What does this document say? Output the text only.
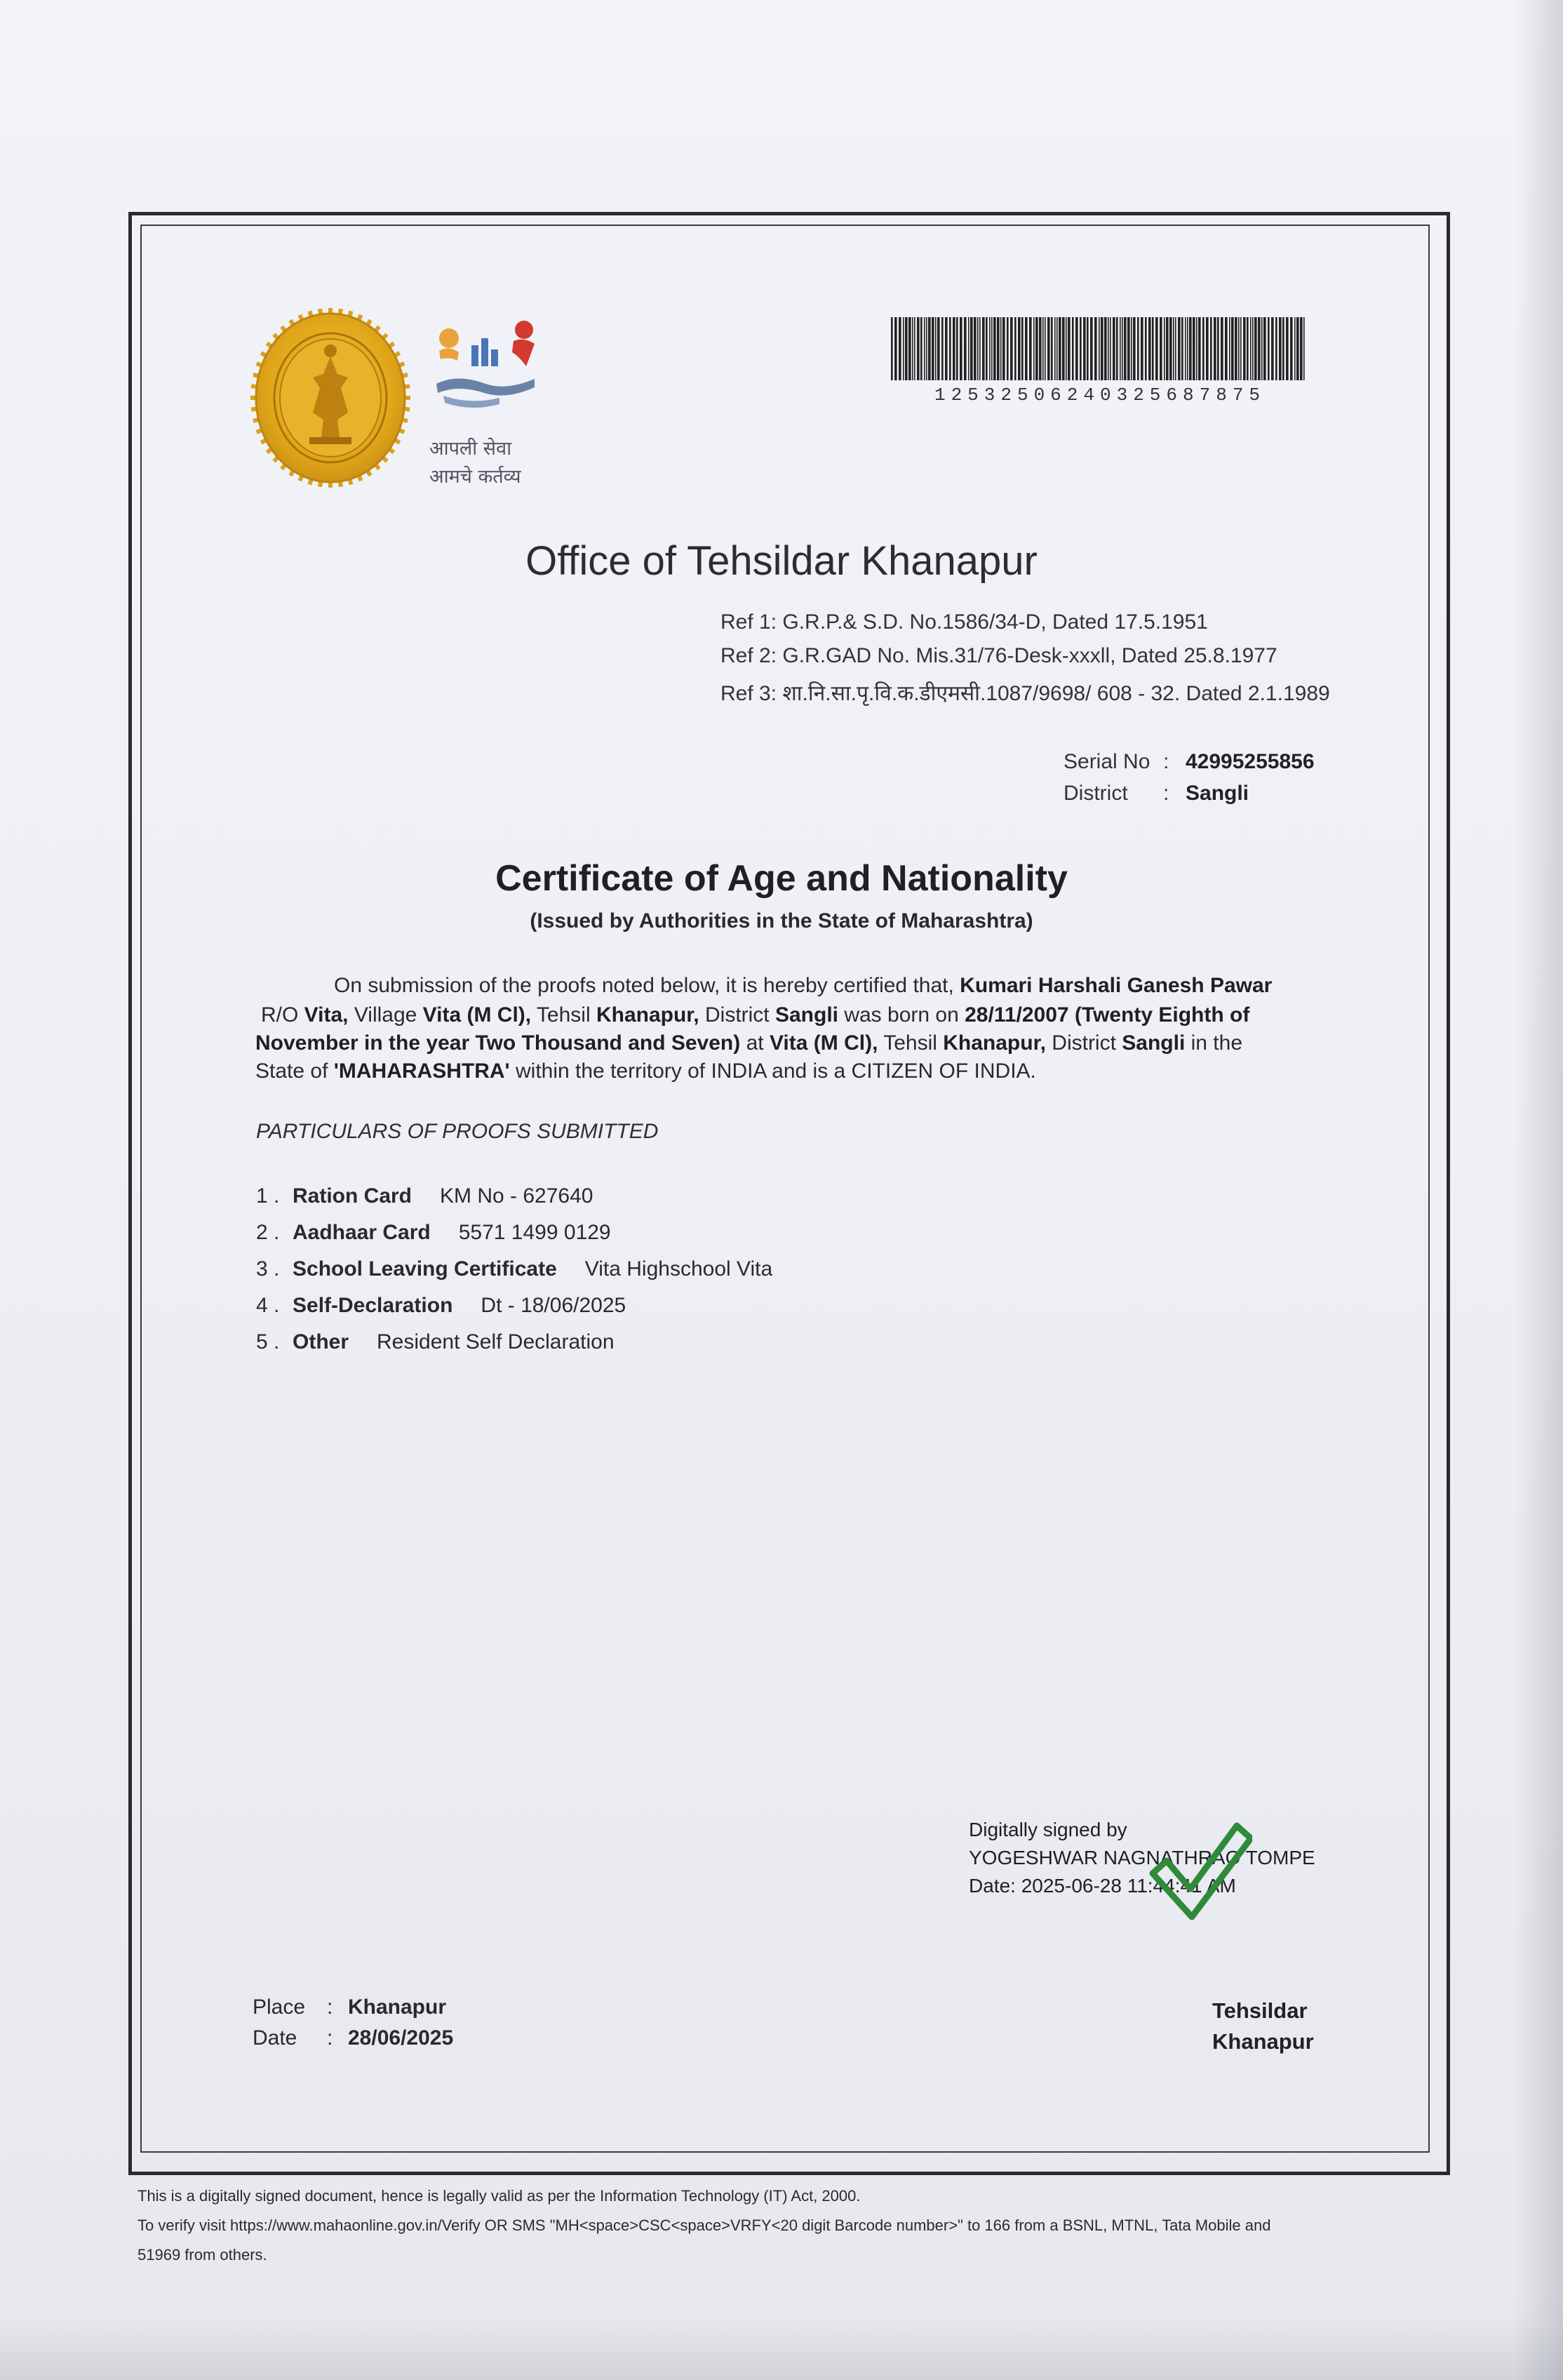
आपली सेवा
आमचे कर्तव्य
12532506240325687875
Office of Tehsildar Khanapur
Ref 1: G.R.P.& S.D. No.1586/34-D, Dated 17.5.1951
Ref 2: G.R.GAD No. Mis.31/76-Desk-xxxll, Dated 25.8.1977
Ref 3: शा.नि.सा.पृ.वि.क.डीएमसी.1087/9698/ 608 - 32. Dated 2.1.1989
Serial No : 42995255856
District : Sangli
Certificate of Age and Nationality
(Issued by Authorities in the State of Maharashtra)
On submission of the proofs noted below, it is hereby certified that, Kumari Harshali Ganesh Pawar
R/O Vita, Village Vita (M Cl), Tehsil Khanapur, District Sangli was born on 28/11/2007 (Twenty Eighth of
November in the year Two Thousand and Seven) at Vita (M Cl), Tehsil Khanapur, District Sangli in the
State of 'MAHARASHTRA' within the territory of INDIA and is a CITIZEN OF INDIA.
PARTICULARS OF PROOFS SUBMITTED
1 . Ration Card KM No - 627640
2 . Aadhaar Card 5571 1499 0129
3 . School Leaving Certificate Vita Highschool Vita
4 . Self-Declaration Dt - 18/06/2025
5 . Other Resident Self Declaration
Digitally signed by
YOGESHWAR NAGNATHRAO TOMPE
Date: 2025-06-28 11:44:41 AM
Place : Khanapur
Date : 28/06/2025
Tehsildar
Khanapur
This is a digitally signed document, hence is legally valid as per the Information Technology (IT) Act, 2000.
To verify visit https://www.mahaonline.gov.in/Verify OR SMS "MH<space>CSC<space>VRFY<20 digit Barcode number>" to 166 from a BSNL, MTNL, Tata Mobile and
51969 from others.
